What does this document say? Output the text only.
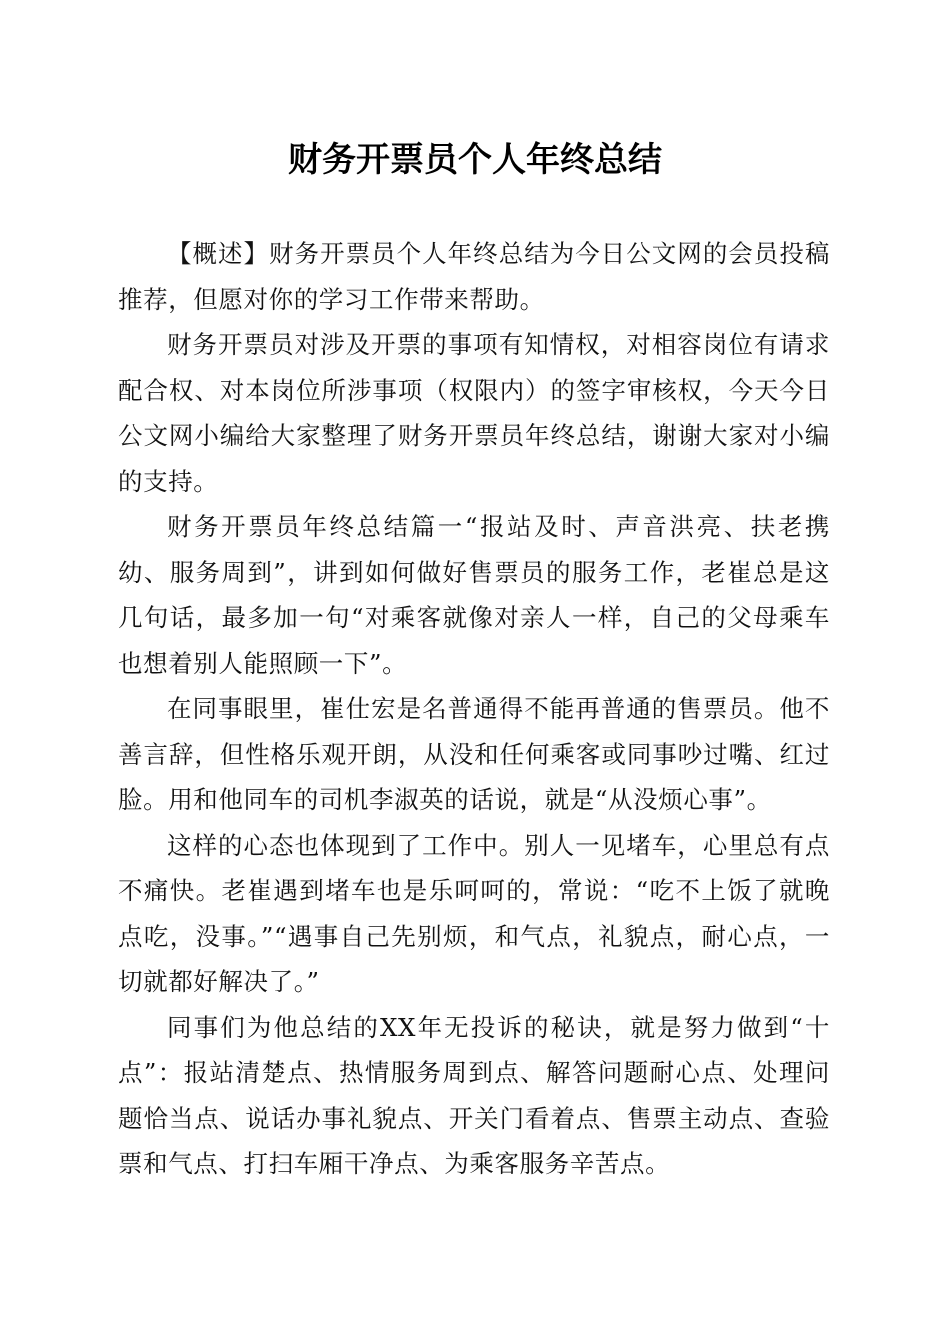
财务开票员个人年终总结

【概述】财务开票员个人年终总结为今日公文网的会员投稿推荐，但愿对你的学习工作带来帮助。

财务开票员对涉及开票的事项有知情权，对相容岗位有请求配合权、对本岗位所涉事项（权限内）的签字审核权，今天今日公文网小编给大家整理了财务开票员年终总结，谢谢大家对小编的支持。

财务开票员年终总结篇一“报站及时、声音洪亮、扶老携幼、服务周到”，讲到如何做好售票员的服务工作，老崔总是这几句话，最多加一句“对乘客就像对亲人一样，自己的父母乘车也想着别人能照顾一下”。

在同事眼里，崔仕宏是名普通得不能再普通的售票员。他不善言辞，但性格乐观开朗，从没和任何乘客或同事吵过嘴、红过脸。用和他同车的司机李淑英的话说，就是“从没烦心事”。

这样的心态也体现到了工作中。别人一见堵车，心里总有点不痛快。老崔遇到堵车也是乐呵呵的，常说：“吃不上饭了就晚点吃，没事。”“遇事自己先别烦，和气点，礼貌点，耐心点，一切就都好解决了。”

同事们为他总结的XX年无投诉的秘诀，就是努力做到“十点”：报站清楚点、热情服务周到点、解答问题耐心点、处理问题恰当点、说话办事礼貌点、开关门看着点、售票主动点、查验票和气点、打扫车厢干净点、为乘客服务辛苦点。
